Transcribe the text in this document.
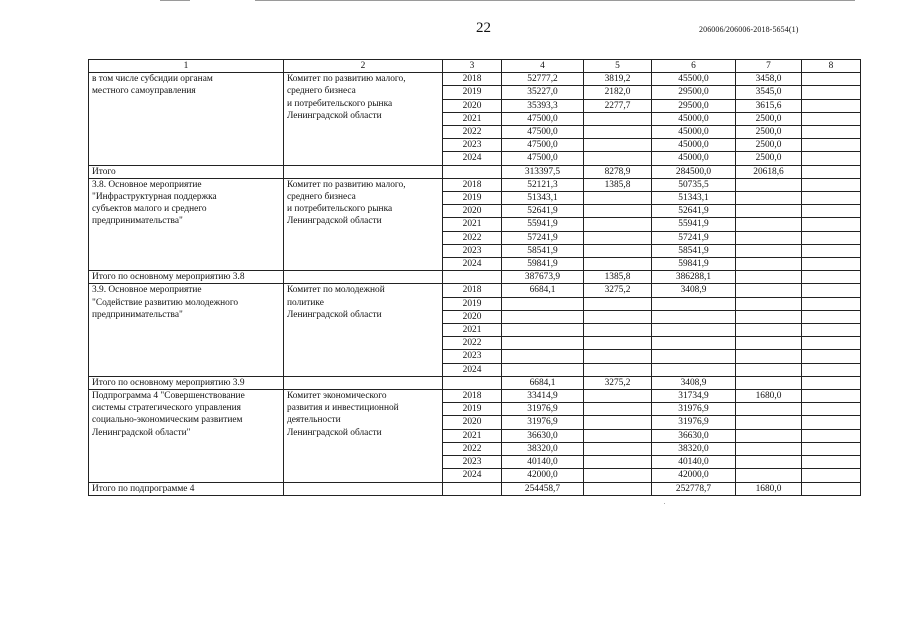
22	206006/206006-2018-5654(1)
1	2	3	4	5	6	7	8
в том числе субсидии органам
местного самоуправления	Комитет по развитию малого,
среднего бизнеса
и потребительского рынка
Ленинградской области	2018	52777,2	3819,2	45500,0	3458,0	
		2019	35227,0	2182,0	29500,0	3545,0	
		2020	35393,3	2277,7	29500,0	3615,6	
		2021	47500,0		45000,0	2500,0	
		2022	47500,0		45000,0	2500,0	
		2023	47500,0		45000,0	2500,0	
		2024	47500,0		45000,0	2500,0	
Итого			313397,5	8278,9	284500,0	20618,6	
3.8. Основное мероприятие
"Инфраструктурная поддержка
субъектов малого и среднего
предпринимательства"	Комитет по развитию малого,
среднего бизнеса
и потребительского рынка
Ленинградской области	2018	52121,3	1385,8	50735,5		
		2019	51343,1		51343,1		
		2020	52641,9		52641,9		
		2021	55941,9		55941,9		
		2022	57241,9		57241,9		
		2023	58541,9		58541,9		
		2024	59841,9		59841,9		
Итого по основному мероприятию 3.8			387673,9	1385,8	386288,1		
3.9. Основное мероприятие
"Содействие развитию молодежного
предпринимательства"	Комитет по молодежной
политике
Ленинградской области	2018	6684,1	3275,2	3408,9		
		2019					
		2020					
		2021					
		2022					
		2023					
		2024					
Итого по основному мероприятию 3.9			6684,1	3275,2	3408,9		
Подпрограмма 4 "Совершенствование
системы стратегического управления
социально-экономическим развитием
Ленинградской области"	Комитет экономического
развития и инвестиционной
деятельности
Ленинградской области	2018	33414,9		31734,9	1680,0	
		2019	31976,9		31976,9		
		2020	31976,9		31976,9		
		2021	36630,0		36630,0		
		2022	38320,0		38320,0		
		2023	40140,0		40140,0		
		2024	42000,0		42000,0		
Итого по подпрограмме 4			254458,7		252778,7	1680,0	
